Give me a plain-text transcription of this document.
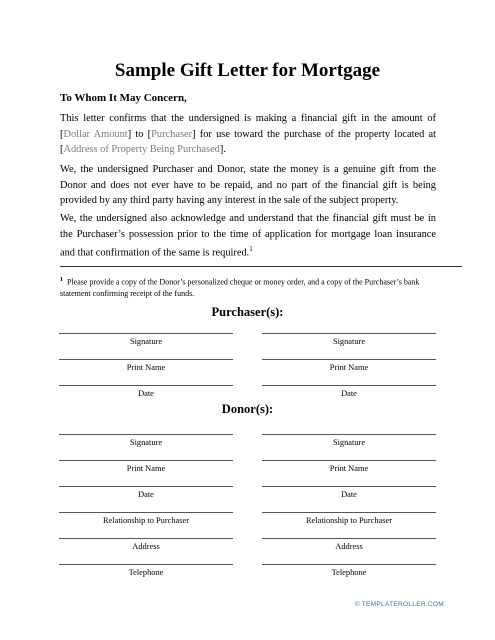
Sample Gift Letter for Mortgage
To Whom It May Concern,
This letter confirms that the undersigned is making a financial gift in the amount of [Dollar Amount] to [Purchaser] for use toward the purchase of the property located at [Address of Property Being Purchased].
We, the undersigned Purchaser and Donor, state the money is a genuine gift from the Donor and does not ever have to be repaid, and no part of the financial gift is being provided by any third party having any interest in the sale of the subject property.
We, the undersigned also acknowledge and understand that the financial gift must be in the Purchaser’s possession prior to the time of application for mortgage loan insurance and that confirmation of the same is required.$^1$
$^1$ Please provide a copy of the Donor’s personalized cheque or money order, and a copy of the Purchaser’s bank statement confirming receipt of the funds.
Purchaser(s):
Signature	Signature
Print Name	Print Name
Date	Date
Donor(s):
Signature	Signature
Print Name	Print Name
Date	Date
Relationship to Purchaser	Relationship to Purchaser
Address	Address
Telephone	Telephone
© TEMPLATEROLLER.COM
